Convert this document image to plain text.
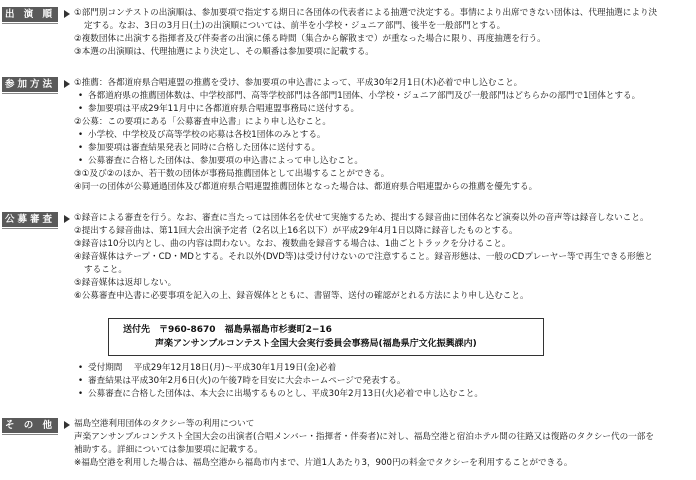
出 演 順	①部門別コンテストの出演順は、参加要項で指定する期日に各団体の代表者による抽選で決定する。事情により出席できない団体は、代理抽選により決
定する。なお、3日の3月日(土)の出演順については、前半を小学校・ジュニア部門、後半を一般部門とする。
②複数団体に出演する指揮者及び伴奏者の出演に係る時間（集合から解散まで）が重なった場合に限り、再度抽選を行う。
③本選の出演順は、代理抽選により決定し、その順番は参加要項に記載する。
参加方法	①推薦：各都道府県合唱連盟の推薦を受け、参加要項の申込書によって、平成30年2月1日(木)必着で申し込むこと。
• 各都道府県の推薦団体数は、中学校部門、高等学校部門は各部門1団体、小学校・ジュニア部門及び一般部門はどちらかの部門で1団体とする。
• 参加要項は平成29年11月中に各都道府県合唱連盟事務局に送付する。
②公募：この要項にある「公募審査申込書」により申し込むこと。
• 小学校、中学校及び高等学校の応募は各校1団体のみとする。
• 参加要項は審査結果発表と同時に合格した団体に送付する。
• 公募審査に合格した団体は、参加要項の申込書によって申し込むこと。
③①及び②のほか、若干数の団体が事務局推薦団体として出場することができる。
④同一の団体が公募通過団体及び都道府県合唱連盟推薦団体となった場合は、都道府県合唱連盟からの推薦を優先する。
公募審査	①録音による審査を行う。なお、審査に当たっては団体名を伏せて実施するため、提出する録音曲に団体名など演奏以外の音声等は録音しないこと。
②提出する録音曲は、第11回大会出演予定者（2名以上16名以下）が平成29年4月1日以降に録音したものとする。
③録音は10分以内とし、曲の内容は問わない。なお、複数曲を録音する場合は、1曲ごとトラックを分けること。
④録音媒体はテープ・CD・MDとする。それ以外(DVD等)は受け付けないので注意すること。録音形態は、一般のCDプレーヤー等で再生できる形態と
すること。
⑤録音媒体は返却しない。
⑥公募審査申込書に必要事項を記入の上、録音媒体とともに、書留等、送付の確認がとれる方法により申し込むこと。
送付先　〒960-8670　福島県福島市杉妻町2−16
声楽アンサンブルコンテスト全国大会実行委員会事務局(福島県庁文化振興課内)
• 受付期間　 平成29年12月18日(月)〜平成30年1月19日(金)必着
• 審査結果は平成30年2月6日(火)の午後7時を目安に大会ホームページで発表する。
• 公募審査に合格した団体は、本大会に出場するものとし、平成30年2月13日(火)必着で申し込むこと。
そ の 他	福島空港利用団体のタクシー等の利用について
声楽アンサンブルコンテスト全国大会の出演者(合唱メンバー・指揮者・伴奏者)に対し、福島空港と宿泊ホテル間の往路又は復路のタクシー代の一部を
補助する。詳細については参加要項に記載する。
※福島空港を利用した場合は、福島空港から福島市内まで、片道1人あたり3，900円の料金でタクシーを利用することができる。
